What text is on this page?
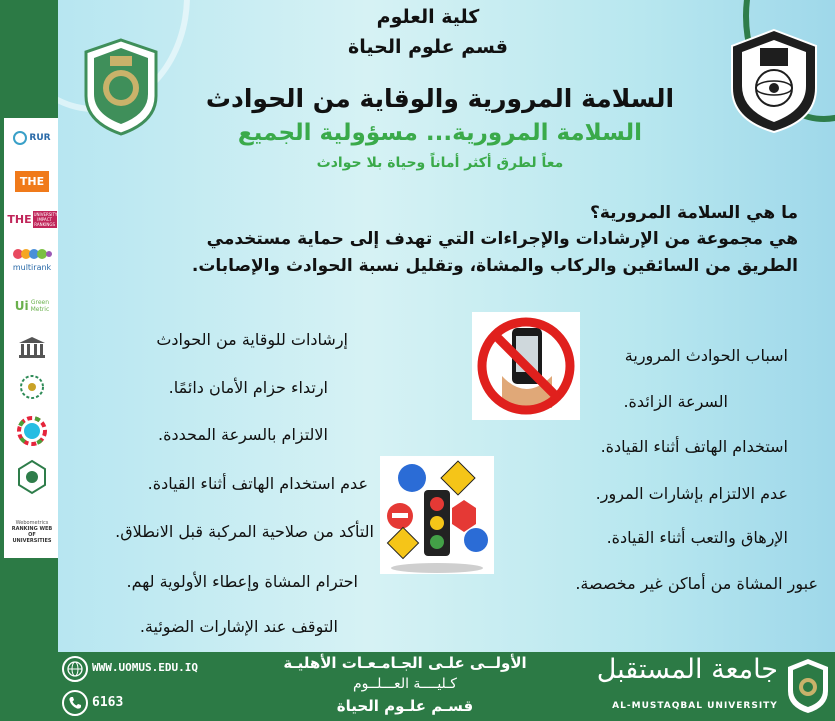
RUR
THE
THE UNIVERSITY IMPACT RANKINGS
multirank
Ui Green
Metric
Webometrics
RANKING WEB OF
UNIVERSITIES
كلية العلوم
قسم علوم الحياة
السلامة المرورية والوقاية من الحوادث
السلامة المرورية... مسؤولية الجميع
معاً لطرق أكثر أماناً وحياة بلا حوادث
ما هي السلامة المرورية؟
هي مجموعة من الإرشادات والإجراءات التي تهدف إلى حماية مستخدمي
الطريق من السائقين والركاب والمشاة، وتقليل نسبة الحوادث والإصابات.
اسباب الحوادث المرورية
السرعة الزائدة.
استخدام الهاتف أثناء القيادة.
عدم الالتزام بإشارات المرور.
الإرهاق والتعب أثناء القيادة.
عبور المشاة من أماكن غير مخصصة.
إرشادات للوقاية من الحوادث
ارتداء حزام الأمان دائمًا.
الالتزام بالسرعة المحددة.
عدم استخدام الهاتف أثناء القيادة.
التأكد من صلاحية المركبة قبل الانطلاق.
احترام المشاة وإعطاء الأولوية لهم.
التوقف عند الإشارات الضوئية.
WWW.UOMUS.EDU.IQ
6163
الأولــى علـى الجـامـعـات الأهليـة
كـليــــة العـــلــوم
قسـم علـوم الحياة
جامعة المستقبل
AL-MUSTAQBAL UNIVERSITY
